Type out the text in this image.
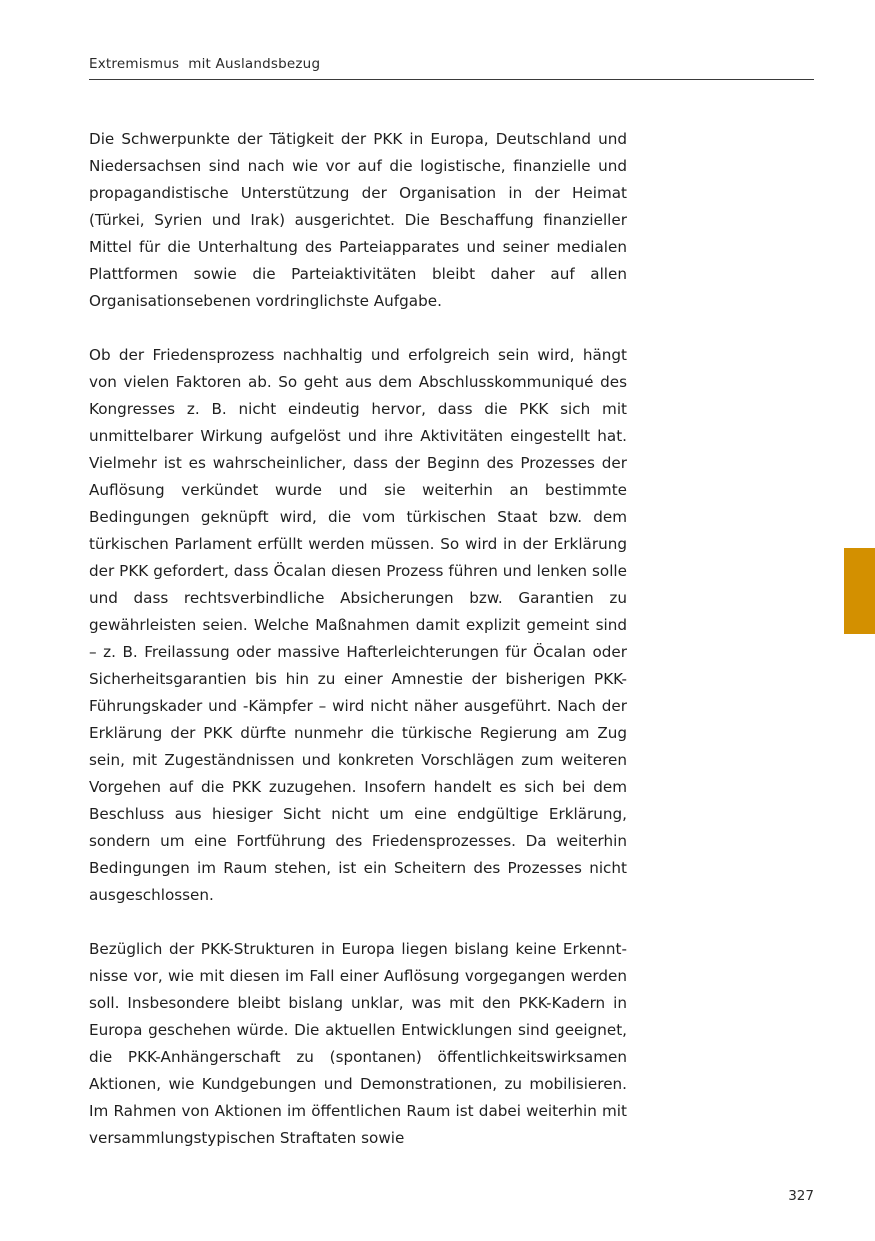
Extremismus  mit Auslandsbezug

Die Schwerpunkte der Tätigkeit der PKK in Europa, Deutschland und Niedersachsen sind nach wie vor auf die logistische, finanzielle und propagandistische Unterstützung der Organisation in der Heimat (Türkei, Syrien und Irak) ausgerichtet. Die Beschaffung finanzieller Mittel für die Unterhaltung des Parteiapparates und seiner medialen Plattformen sowie die Parteiaktivitäten bleibt daher auf allen Organisationsebenen vordringlichste Aufgabe.

Ob der Friedensprozess nachhaltig und erfolgreich sein wird, hängt von vielen Faktoren ab. So geht aus dem Abschlusskommuniqué des Kongresses z. B. nicht eindeutig hervor, dass die PKK sich mit unmittelbarer Wirkung aufgelöst und ihre Aktivitäten eingestellt hat. Vielmehr ist es wahrscheinlicher, dass der Beginn des Prozesses der Auflösung verkündet wurde und sie weiterhin an bestimmte Bedingungen geknüpft wird, die vom türkischen Staat bzw. dem türkischen Parlament erfüllt werden müssen. So wird in der Erklärung der PKK gefordert, dass Öcalan diesen Prozess führen und lenken solle und dass rechtsverbindliche Absicherungen bzw. Garantien zu gewährleisten seien. Welche Maßnahmen damit explizit gemeint sind – z. B. Freilassung oder massive Hafterleichterungen für Öcalan oder Sicherheitsgarantien bis hin zu einer Amnestie der bisherigen PKK-Führungskader und -Kämpfer – wird nicht näher ausgeführt. Nach der Erklärung der PKK dürfte nunmehr die türkische Regierung am Zug sein, mit Zugeständnissen und konkreten Vorschlägen zum weiteren Vorgehen auf die PKK zuzugehen. Insofern handelt es sich bei dem Beschluss aus hiesiger Sicht nicht um eine endgültige Erklärung, sondern um eine Fortführung des Friedensprozesses. Da weiterhin Bedingungen im Raum stehen, ist ein Scheitern des Prozesses nicht ausgeschlossen.

Bezüglich der PKK-Strukturen in Europa liegen bislang keine Erkenntnisse vor, wie mit diesen im Fall einer Auflösung vorgegangen werden soll. Insbesondere bleibt bislang unklar, was mit den PKK-Kadern in Europa geschehen würde. Die aktuellen Entwicklungen sind geeignet, die PKK-Anhängerschaft zu (spontanen) öffentlichkeitswirksamen Aktionen, wie Kundgebungen und Demonstrationen, zu mobilisieren. Im Rahmen von Aktionen im öffentlichen Raum ist dabei weiterhin mit versammlungstypischen Straftaten sowie

327
